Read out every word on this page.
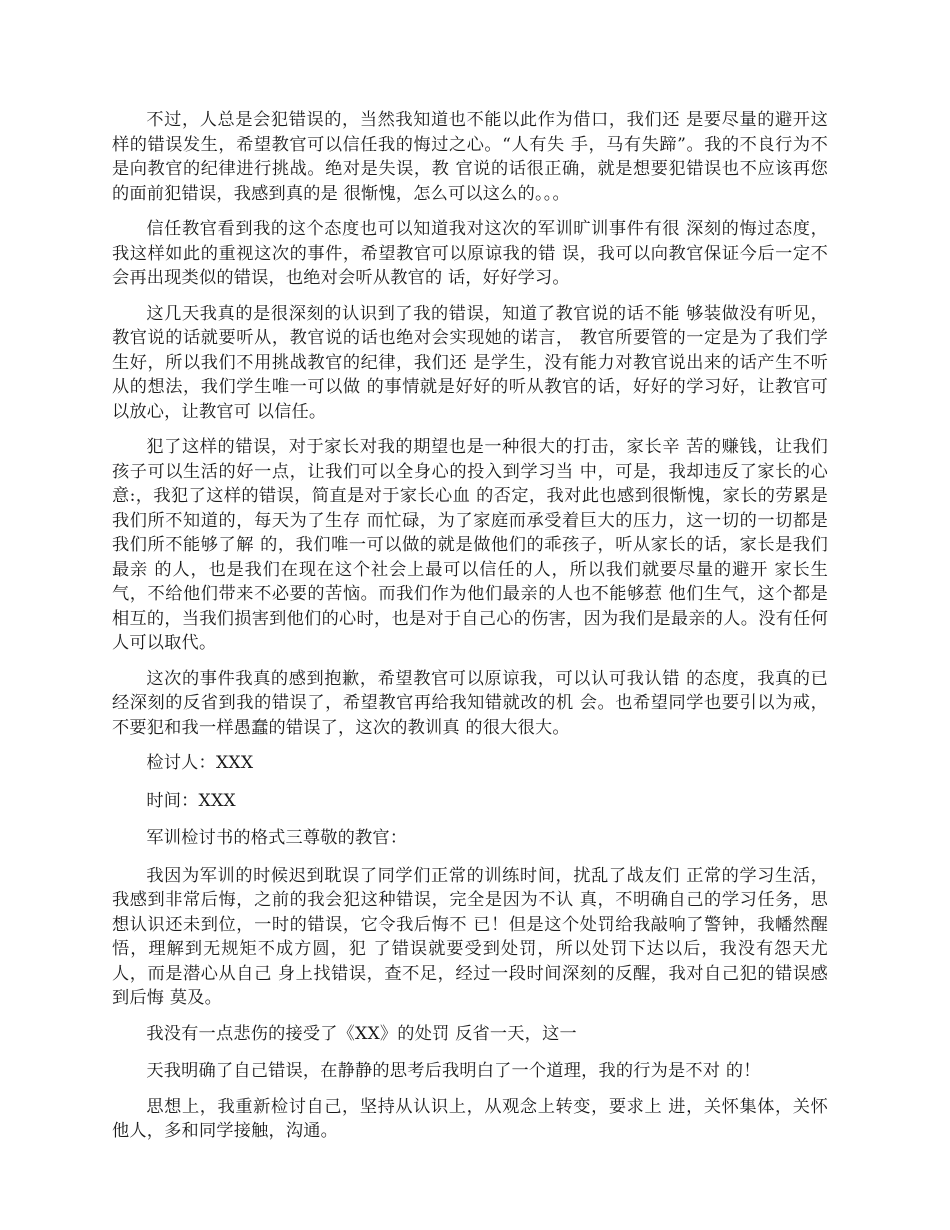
不过，人总是会犯错误的，当然我知道也不能以此作为借口，我们还 是要尽量的避开这样的错误发生，希望教官可以信任我的悔过之心。“人有失 手，马有失蹄”。我的不良行为不是向教官的纪律进行挑战。绝对是失误，教 官说的话很正确，就是想要犯错误也不应该再您的面前犯错误，我感到真的是 很惭愧，怎么可以这么的。。。

信任教官看到我的这个态度也可以知道我对这次的军训旷训事件有很 深刻的悔过态度，我这样如此的重视这次的事件，希望教官可以原谅我的错 误，我可以向教官保证今后一定不会再出现类似的错误，也绝对会听从教官的 话，好好学习。

这几天我真的是很深刻的认识到了我的错误，知道了教官说的话不能 够装做没有听见，教官说的话就要听从，教官说的话也绝对会实现她的诺言， 教官所要管的一定是为了我们学生好，所以我们不用挑战教官的纪律，我们还 是学生，没有能力对教官说出来的话产生不听从的想法，我们学生唯一可以做 的事情就是好好的听从教官的话，好好的学习好，让教官可以放心，让教官可 以信任。

犯了这样的错误，对于家长对我的期望也是一种很大的打击，家长辛 苦的赚钱，让我们孩子可以生活的好一点，让我们可以全身心的投入到学习当 中，可是，我却违反了家长的心意:，我犯了这样的错误，简直是对于家长心血 的否定，我对此也感到很惭愧，家长的劳累是我们所不知道的，每天为了生存 而忙碌，为了家庭而承受着巨大的压力，这一切的一切都是我们所不能够了解 的，我们唯一可以做的就是做他们的乖孩子，听从家长的话，家长是我们最亲 的人，也是我们在现在这个社会上最可以信任的人，所以我们就要尽量的避开 家长生气，不给他们带来不必要的苦恼。而我们作为他们最亲的人也不能够惹 他们生气，这个都是相互的，当我们损害到他们的心时，也是对于自己心的伤害，因为我们是最亲的人。没有任何人可以取代。

这次的事件我真的感到抱歉，希望教官可以原谅我，可以认可我认错 的态度，我真的已经深刻的反省到我的错误了，希望教官再给我知错就改的机 会。也希望同学也要引以为戒，不要犯和我一样愚蠢的错误了，这次的教训真 的很大很大。

检讨人：XXX

时间：XXX

军训检讨书的格式三尊敬的教官：

我因为军训的时候迟到耽误了同学们正常的训练时间，扰乱了战友们 正常的学习生活，我感到非常后悔，之前的我会犯这种错误，完全是因为不认 真，不明确自己的学习任务，思想认识还未到位，一时的错误，它令我后悔不 已！但是这个处罚给我敲响了警钟，我幡然醒悟，理解到无规矩不成方圆，犯 了错误就要受到处罚，所以处罚下达以后，我没有怨天尤人，而是潜心从自己 身上找错误，查不足，经过一段时间深刻的反醒，我对自己犯的错误感到后悔 莫及。

我没有一点悲伤的接受了《XX》的处罚 反省一天，这一

天我明确了自己错误，在静静的思考后我明白了一个道理，我的行为是不对 的！

思想上，我重新检讨自己，坚持从认识上，从观念上转变，要求上 进，关怀集体，关怀他人，多和同学接触，沟通。
